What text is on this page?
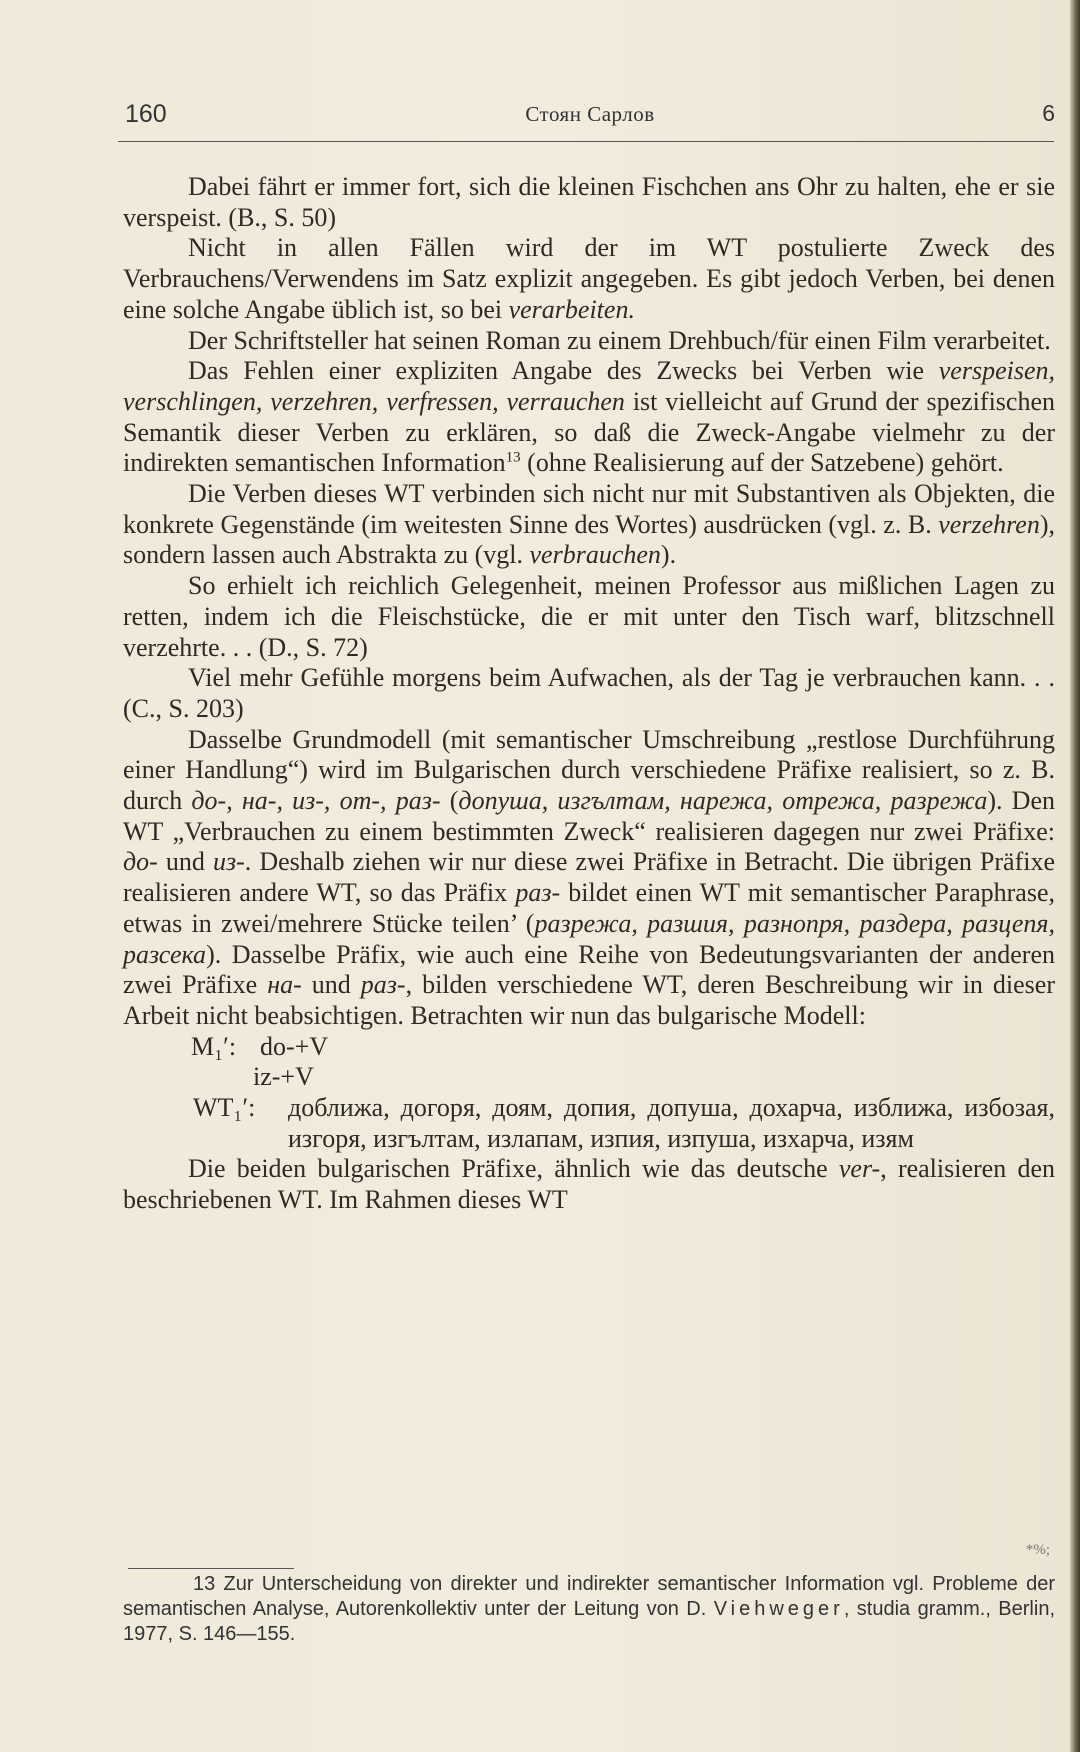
160	Стоян Сарлов	6

Dabei fährt er immer fort, sich die kleinen Fischchen ans Ohr zu halten, ehe er sie verspeist. (B., S. 50)

Nicht in allen Fällen wird der im WT postulierte Zweck des Verbrauchens/Verwendens im Satz explizit angegeben. Es gibt jedoch Verben, bei denen eine solche Angabe üblich ist, so bei verarbeiten.

Der Schriftsteller hat seinen Roman zu einem Drehbuch/für einen Film verarbeitet.

Das Fehlen einer expliziten Angabe des Zwecks bei Verben wie verspeisen, verschlingen, verzehren, verfressen, verrauchen ist vielleicht auf Grund der spezifischen Semantik dieser Verben zu erklären, so daß die Zweck-Angabe vielmehr zu der indirekten semantischen Information$^{13}$ (ohne Realisierung auf der Satzebene) gehört.

Die Verben dieses WT verbinden sich nicht nur mit Substantiven als Objekten, die konkrete Gegenstände (im weitesten Sinne des Wortes) ausdrücken (vgl. z. B. verzehren), sondern lassen auch Abstrakta zu (vgl. verbrauchen).

So erhielt ich reichlich Gelegenheit, meinen Professor aus mißlichen Lagen zu retten, indem ich die Fleischstücke, die er mit unter den Tisch warf, blitzschnell verzehrte. . . (D., S. 72)

Viel mehr Gefühle morgens beim Aufwachen, als der Tag je verbrauchen kann. . . (C., S. 203)

Dasselbe Grundmodell (mit semantischer Umschreibung „restlose Durchführung einer Handlung“) wird im Bulgarischen durch verschiedene Präfixe realisiert, so z. B. durch до-, на-, из-, от-, раз- (допуша, изгълтам, нарежа, отрежа, разрежа). Den WT „Verbrauchen zu einem bestimmten Zweck“ realisieren dagegen nur zwei Präfixe: до- und из-. Deshalb ziehen wir nur diese zwei Präfixe in Betracht. Die übrigen Präfixe realisieren andere WT, so das Präfix раз- bildet einen WT mit semantischer Paraphrase, etwas in zwei/mehrere Stücke teilen’ (разрежа, разшия, разнопря, раздера, разцепя, разсека). Dasselbe Präfix, wie auch eine Reihe von Bedeutungsvarianten der anderen zwei Präfixe на- und раз-, bilden verschiedene WT, deren Beschreibung wir in dieser Arbeit nicht beabsichtigen. Betrachten wir nun das bulgarische Modell:

M₁′: do-+V
iz-+V
WT₁′: доближа, догоря, доям, допия, допуша, дохарча, изближа, избозая, изгоря, изгълтам, излапам, изпия, изпуша, изхарча, изям

Die beiden bulgarischen Präfixe, ähnlich wie das deutsche ver-, realisieren den beschriebenen WT. Im Rahmen dieses WT

*%;

13 Zur Unterscheidung von direkter und indirekter semantischer Information vgl. Probleme der semantischen Analyse, Autorenkollektiv unter der Leitung von D. Viehweger, studia gramm., Berlin, 1977, S. 146—155.
